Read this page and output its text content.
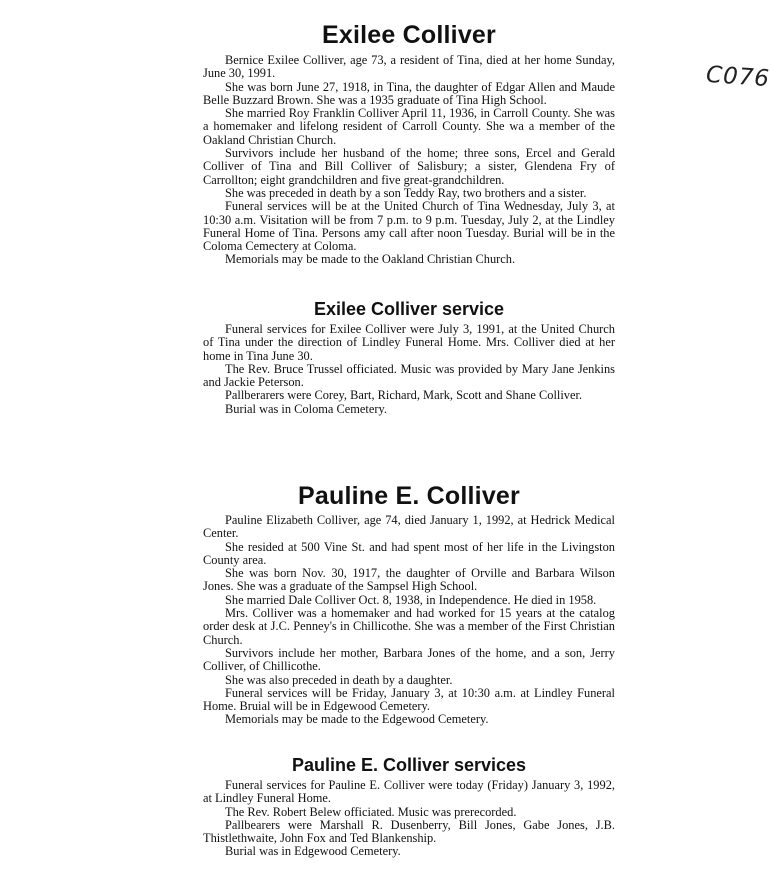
C076
Exilee Colliver

Bernice Exilee Colliver, age 73, a resident of Tina, died at her home Sunday, June 30, 1991.

She was born June 27, 1918, in Tina, the daughter of Edgar Allen and Maude Belle Buzzard Brown. She was a 1935 graduate of Tina High School.

She married Roy Franklin Colliver April 11, 1936, in Carroll County. She was a homemaker and lifelong resident of Carroll County. She wa a member of the Oakland Christian Church.

Survivors include her husband of the home; three sons, Ercel and Gerald Colliver of Tina and Bill Colliver of Salisbury; a sister, Glendena Fry of Carrollton; eight grandchildren and five great-grandchildren.

She was preceded in death by a son Teddy Ray, two brothers and a sister.

Funeral services will be at the United Church of Tina Wednesday, July 3, at 10:30 a.m. Visitation will be from 7 p.m. to 9 p.m. Tuesday, July 2, at the Lindley Funeral Home of Tina. Persons amy call after noon Tuesday. Burial will be in the Coloma Cemectery at Coloma.

Memorials may be made to the Oakland Christian Church.

Exilee Colliver service

Funeral services for Exilee Colliver were July 3, 1991, at the United Church of Tina under the direction of Lindley Funeral Home. Mrs. Colliver died at her home in Tina June 30.

The Rev. Bruce Trussel officiated. Music was provided by Mary Jane Jenkins and Jackie Peterson.

Pallberarers were Corey, Bart, Richard, Mark, Scott and Shane Colliver.

Burial was in Coloma Cemetery.

Pauline E. Colliver

Pauline Elizabeth Colliver, age 74, died January 1, 1992, at Hedrick Medical Center.

She resided at 500 Vine St. and had spent most of her life in the Livingston County area.

She was born Nov. 30, 1917, the daughter of Orville and Barbara Wilson Jones. She was a graduate of the Sampsel High School.

She married Dale Colliver Oct. 8, 1938, in Independence. He died in 1958.

Mrs. Colliver was a homemaker and had worked for 15 years at the catalog order desk at J.C. Penney's in Chillicothe. She was a member of the First Christian Church.

Survivors include her mother, Barbara Jones of the home, and a son, Jerry Colliver, of Chillicothe.

She was also preceded in death by a daughter.

Funeral services will be Friday, January 3, at 10:30 a.m. at Lindley Funeral Home. Bruial will be in Edgewood Cemetery.

Memorials may be made to the Edgewood Cemetery.

Pauline E. Colliver services

Funeral services for Pauline E. Colliver were today (Friday) January 3, 1992, at Lindley Funeral Home.

The Rev. Robert Belew officiated. Music was prerecorded.

Pallbearers were Marshall R. Dusenberry, Bill Jones, Gabe Jones, J.B. Thistlethwaite, John Fox and Ted Blankenship.

Burial was in Edgewood Cemetery.
